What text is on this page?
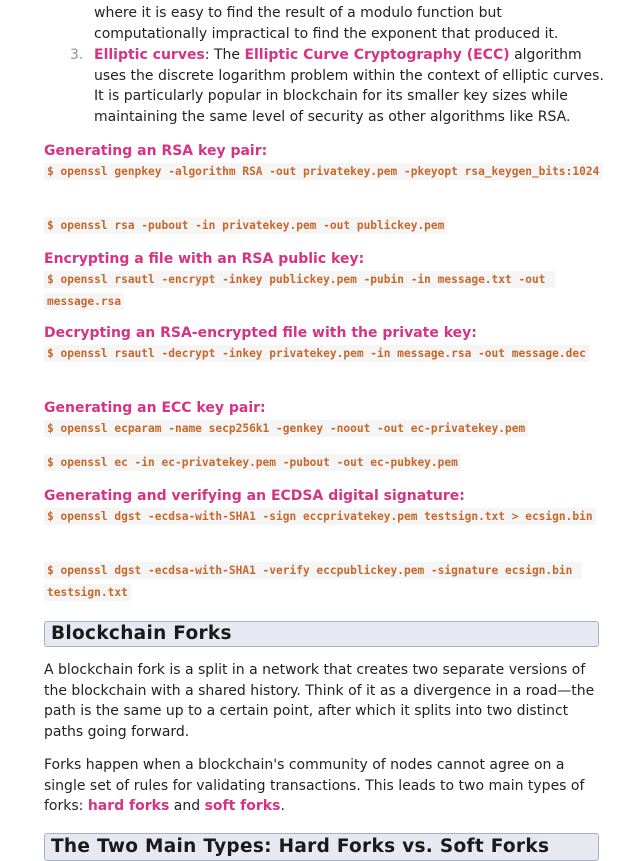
where it is easy to find the result of a modulo function but computationally impractical to find the exponent that produced it.
3. Elliptic curves: The Elliptic Curve Cryptography (ECC) algorithm uses the discrete logarithm problem within the context of elliptic curves. It is particularly popular in blockchain for its smaller key sizes while maintaining the same level of security as other algorithms like RSA.
Generating an RSA key pair:
$ openssl genpkey -algorithm RSA -out privatekey.pem -pkeyopt rsa_keygen_bits:1024
$ openssl rsa -pubout -in privatekey.pem -out publickey.pem
Encrypting a file with an RSA public key:
$ openssl rsautl -encrypt -inkey publickey.pem -pubin -in message.txt -out message.rsa
Decrypting an RSA-encrypted file with the private key:
$ openssl rsautl -decrypt -inkey privatekey.pem -in message.rsa -out message.dec
Generating an ECC key pair:
$ openssl ecparam -name secp256k1 -genkey -noout -out ec-privatekey.pem
$ openssl ec -in ec-privatekey.pem -pubout -out ec-pubkey.pem
Generating and verifying an ECDSA digital signature:
$ openssl dgst -ecdsa-with-SHA1 -sign eccprivatekey.pem testsign.txt > ecsign.bin
$ openssl dgst -ecdsa-with-SHA1 -verify eccpublickey.pem -signature ecsign.bin testsign.txt
Blockchain Forks
A blockchain fork is a split in a network that creates two separate versions of the blockchain with a shared history. Think of it as a divergence in a road—the path is the same up to a certain point, after which it splits into two distinct paths going forward.
Forks happen when a blockchain's community of nodes cannot agree on a single set of rules for validating transactions. This leads to two main types of forks: hard forks and soft forks.
The Two Main Types: Hard Forks vs. Soft Forks
